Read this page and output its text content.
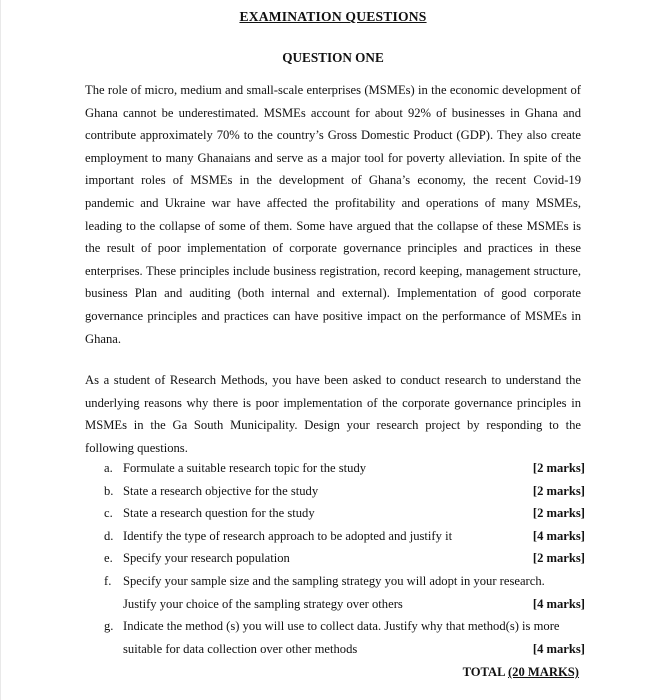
EXAMINATION QUESTIONS
QUESTION ONE

The role of micro, medium and small-scale enterprises (MSMEs) in the economic development of Ghana cannot be underestimated. MSMEs account for about 92% of businesses in Ghana and contribute approximately 70% to the country’s Gross Domestic Product (GDP). They also create employment to many Ghanaians and serve as a major tool for poverty alleviation. In spite of the important roles of MSMEs in the development of Ghana’s economy, the recent Covid-19 pandemic and Ukraine war have affected the profitability and operations of many MSMEs, leading to the collapse of some of them. Some have argued that the collapse of these MSMEs is the result of poor implementation of corporate governance principles and practices in these enterprises. These principles include business registration, record keeping, management structure, business Plan and auditing (both internal and external). Implementation of good corporate governance principles and practices can have positive impact on the performance of MSMEs in Ghana.

As a student of Research Methods, you have been asked to conduct research to understand the underlying reasons why there is poor implementation of the corporate governance principles in MSMEs in the Ga South Municipality. Design your research project by responding to the following questions.

a. Formulate a suitable research topic for the study	[2 marks]
b. State a research objective for the study	[2 marks]
c. State a research question for the study	[2 marks]
d. Identify the type of research approach to be adopted and justify it	[4 marks]
e. Specify your research population	[2 marks]
f. Specify your sample size and the sampling strategy you will adopt in your research.
Justify your choice of the sampling strategy over others	[4 marks]
g. Indicate the method (s) you will use to collect data. Justify why that method(s) is more
suitable for data collection over other methods	[4 marks]
TOTAL (20 MARKS)
